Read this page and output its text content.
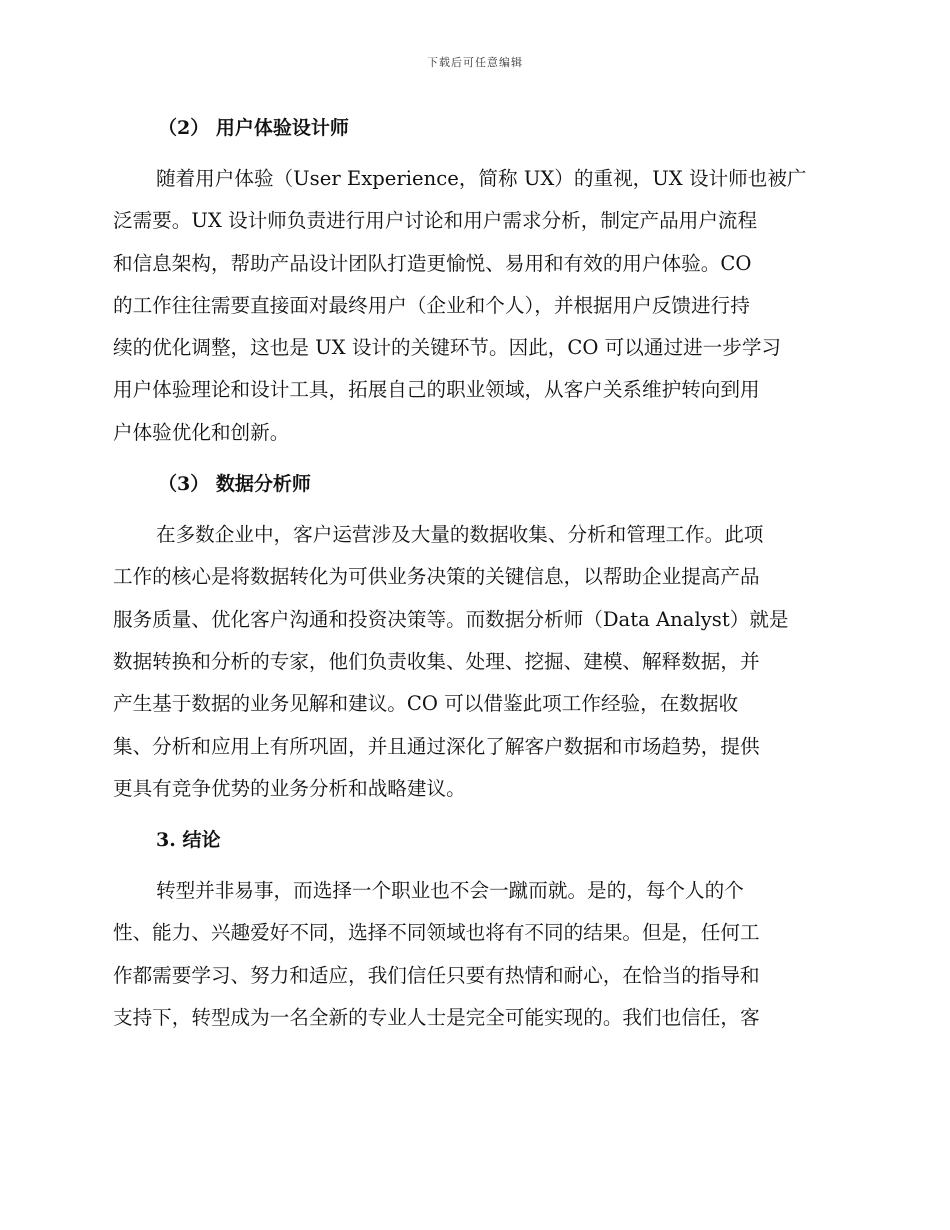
下载后可任意编辑
（2） 用户体验设计师

随着用户体验（User Experience，简称 UX）的重视，UX 设计师也被广
泛需要。UX 设计师负责进行用户讨论和用户需求分析，制定产品用户流程
和信息架构，帮助产品设计团队打造更愉悦、易用和有效的用户体验。CO
的工作往往需要直接面对最终用户（企业和个人），并根据用户反馈进行持
续的优化调整，这也是 UX 设计的关键环节。因此，CO 可以通过进一步学习
用户体验理论和设计工具，拓展自己的职业领域，从客户关系维护转向到用
户体验优化和创新。

（3） 数据分析师

在多数企业中，客户运营涉及大量的数据收集、分析和管理工作。此项
工作的核心是将数据转化为可供业务决策的关键信息，以帮助企业提高产品
服务质量、优化客户沟通和投资决策等。而数据分析师（Data Analyst）就是
数据转换和分析的专家，他们负责收集、处理、挖掘、建模、解释数据，并
产生基于数据的业务见解和建议。CO 可以借鉴此项工作经验，在数据收
集、分析和应用上有所巩固，并且通过深化了解客户数据和市场趋势，提供
更具有竞争优势的业务分析和战略建议。

3. 结论

转型并非易事，而选择一个职业也不会一蹴而就。是的，每个人的个
性、能力、兴趣爱好不同，选择不同领域也将有不同的结果。但是，任何工
作都需要学习、努力和适应，我们信任只要有热情和耐心，在恰当的指导和
支持下，转型成为一名全新的专业人士是完全可能实现的。我们也信任，客
